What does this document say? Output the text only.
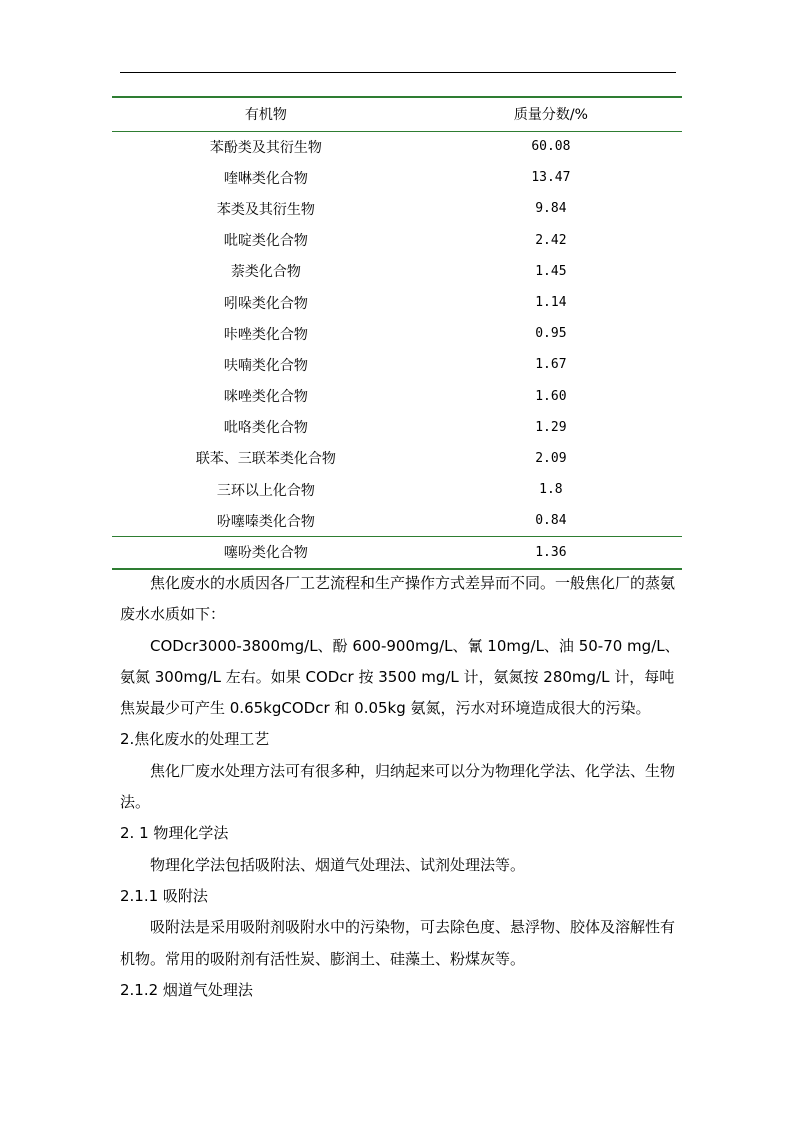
有机物	质量分数/%
苯酚类及其衍生物	60.08
喹啉类化合物	13.47
苯类及其衍生物	9.84
吡啶类化合物	2.42
萘类化合物	1.45
吲哚类化合物	1.14
咔唑类化合物	0.95
呋喃类化合物	1.67
咪唑类化合物	1.60
吡咯类化合物	1.29
联苯、三联苯类化合物	2.09
三环以上化合物	1.8
吩噻嗪类化合物	0.84
噻吩类化合物	1.36

焦化废水的水质因各厂工艺流程和生产操作方式差异而不同。一般焦化厂的蒸氨废水水质如下：

CODcr3000-3800mg/L、酚 600-900mg/L、氰 10mg/L、油 50-70 mg/L、氨氮 300mg/L 左右。如果 CODcr 按 3500 mg/L 计，氨氮按 280mg/L 计，每吨焦炭最少可产生 0.65kgCODcr 和 0.05kg 氨氮，污水对环境造成很大的污染。

2.焦化废水的处理工艺

焦化厂废水处理方法可有很多种，归纳起来可以分为物理化学法、化学法、生物法。

2. 1 物理化学法

物理化学法包括吸附法、烟道气处理法、试剂处理法等。

2.1.1 吸附法

吸附法是采用吸附剂吸附水中的污染物，可去除色度、悬浮物、胶体及溶解性有机物。常用的吸附剂有活性炭、膨润土、硅藻土、粉煤灰等。

2.1.2 烟道气处理法
